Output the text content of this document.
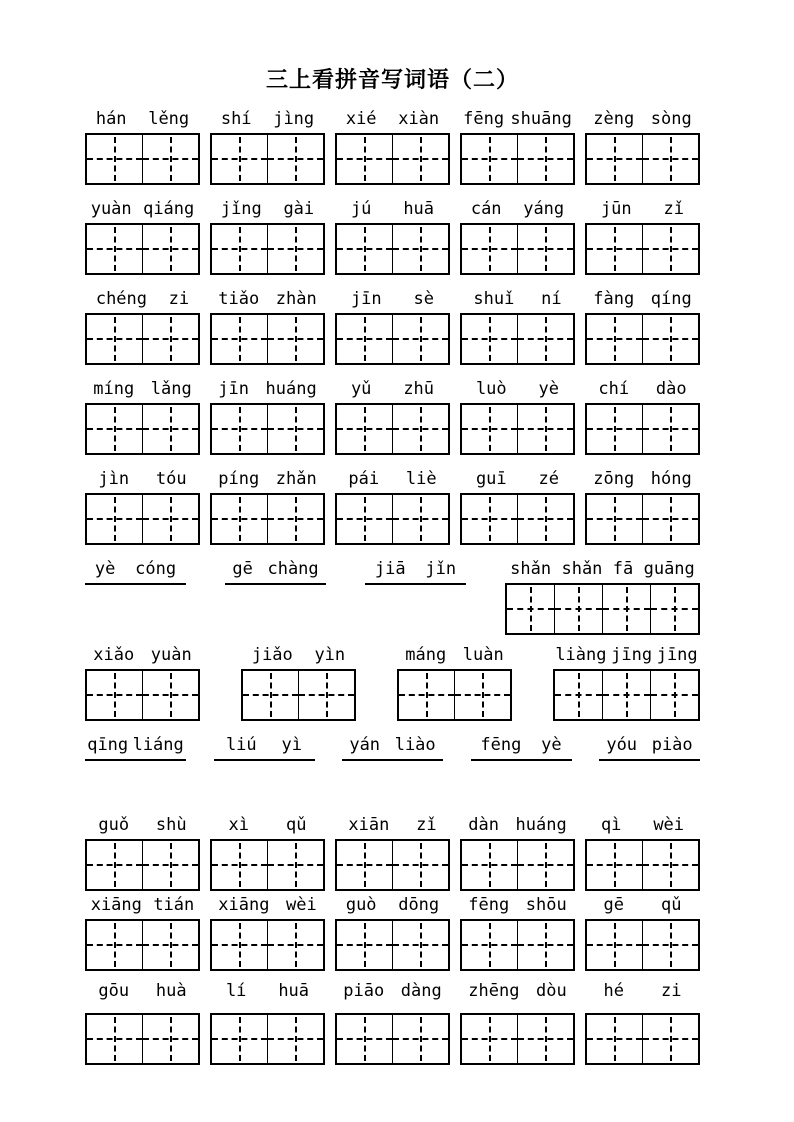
三上看拼音写词语（二）
hán lěng shí jìng xié xiàn fēng shuāng zèng sòng
yuàn qiáng jǐng gài jú huā cán yáng jūn zǐ
chéng zi tiǎo zhàn jīn sè shuǐ ní fàng qíng
míng lǎng jīn huáng yǔ zhū luò yè chí dào
jìn tóu píng zhǎn pái liè guī zé zōng hóng
yè cóng	gē chàng	jiā jǐn	shǎn shǎn fā guāng
xiǎo yuàn	jiǎo yìn	máng luàn	liàng jīng jīng
qīng liáng liú yì	yán liào	fēng yè	yóu piào
guǒ shù xì qǔ xiān zǐ dàn huáng qì wèi
xiāng tián xiāng wèi guò dōng fēng shōu gē qǔ
gōu huà lí huā piāo dàng zhēng dòu hé zi
